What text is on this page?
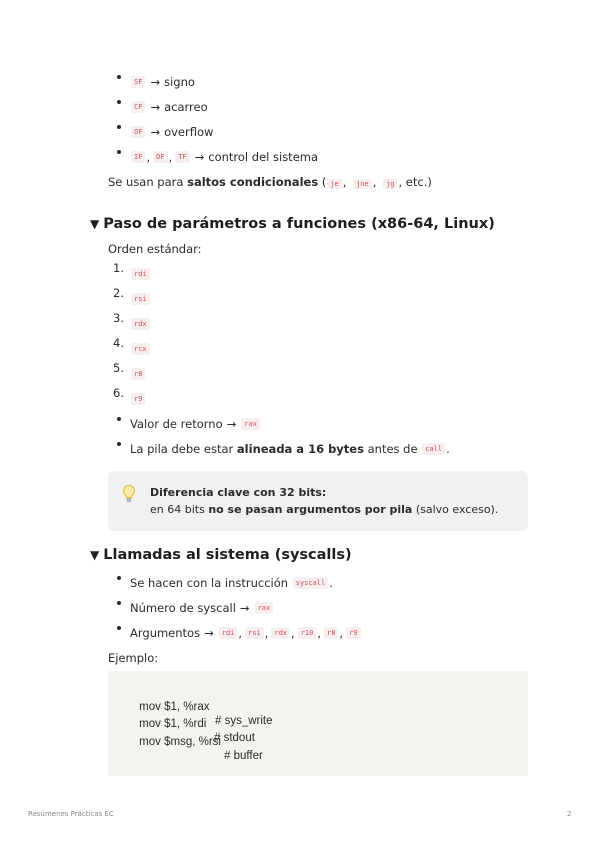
SF → signo
CF → acarreo
OF → overflow
IF , DF , TF → control del sistema
Se usan para saltos condicionales ( je , jne , jg , etc.)
▼ Paso de parámetros a funciones (x86-64, Linux)
Orden estándar:
1.	rdi
2.	rsi
3.	rdx
4.	rcx
5.	r8
6.	r9
Valor de retorno →	rax
La pila debe estar
alineada a 16 bytes
antes de
	call .
Diferencia clave con 32 bits:
en 64 bits no se pasan argumentos por pila (salvo exceso).
▼ Llamadas al sistema (syscalls)
Se hacen con la instrucción
	syscall .
Número de syscall →	rax
Argumentos →	rdi , rsi , rdx , r10 , r8 , r9
Ejemplo:

mov $1, %rax

# sys_write

mov $1, %rdi

# stdout

mov $msg, %rsi

# buffer

Resúmenes Prácticas EC	2
